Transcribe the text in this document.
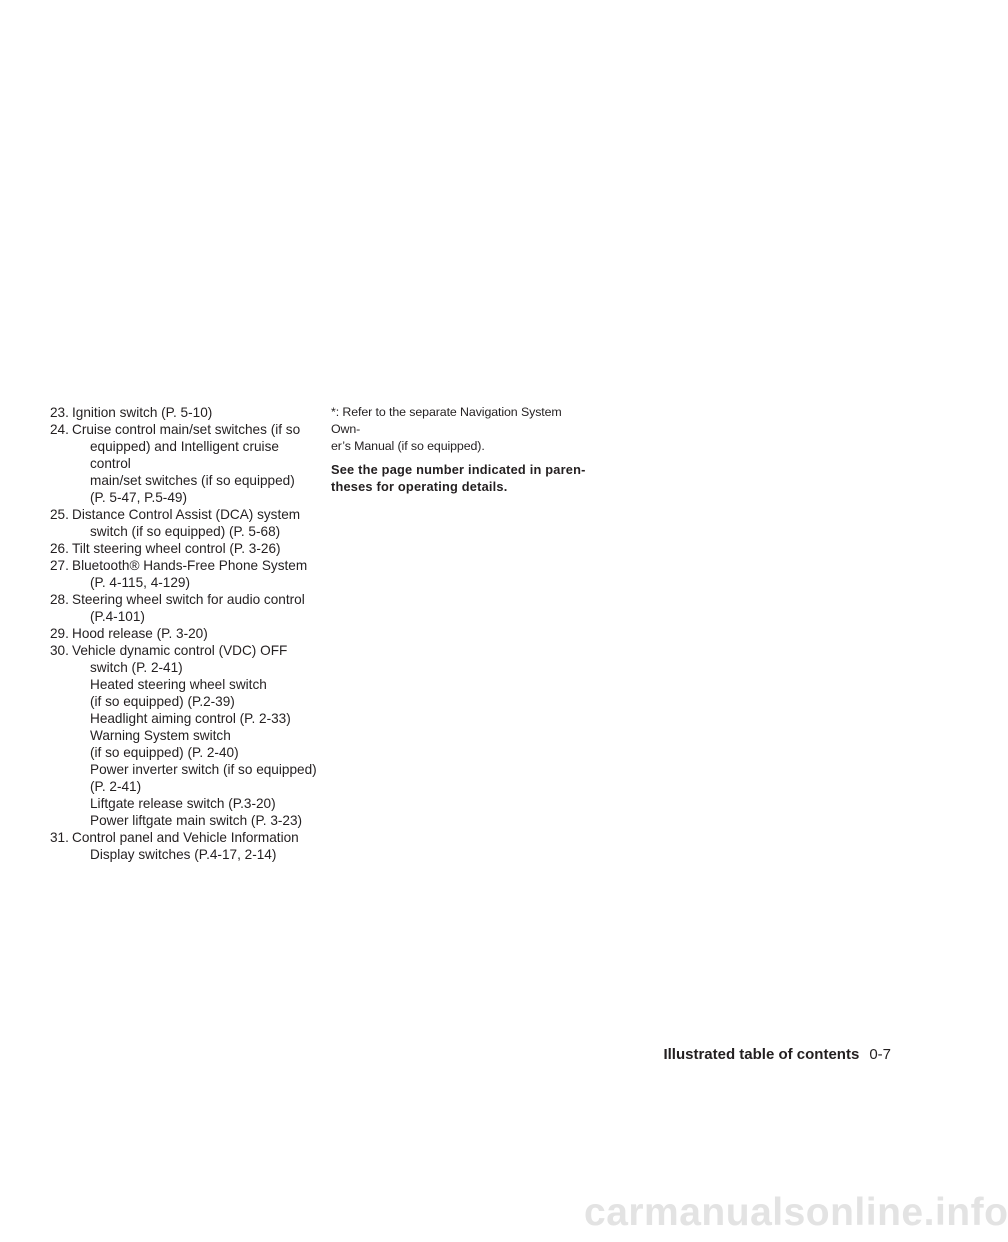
23. Ignition switch (P. 5-10)
24. Cruise control main/set switches (if so
equipped) and Intelligent cruise control
main/set switches (if so equipped)
(P. 5-47, P.5-49)
25. Distance Control Assist (DCA) system
switch (if so equipped) (P. 5-68)
26. Tilt steering wheel control (P. 3-26)
27. Bluetooth® Hands-Free Phone System
(P. 4-115, 4-129)
28. Steering wheel switch for audio control
(P.4-101)
29. Hood release (P. 3-20)
30. Vehicle dynamic control (VDC) OFF
switch (P. 2-41)
Heated steering wheel switch
(if so equipped) (P.2-39)
Headlight aiming control (P. 2-33)
Warning System switch
(if so equipped) (P. 2-40)
Power inverter switch (if so equipped)
(P. 2-41)
Liftgate release switch (P.3-20)
Power liftgate main switch (P. 3-23)
31. Control panel and Vehicle Information
Display switches (P.4-17, 2-14)

*: Refer to the separate Navigation System Own-
er’s Manual (if so equipped).

See the page number indicated in paren-
theses for operating details.

Illustrated table of contents 0-7
carmanualsonline.info
